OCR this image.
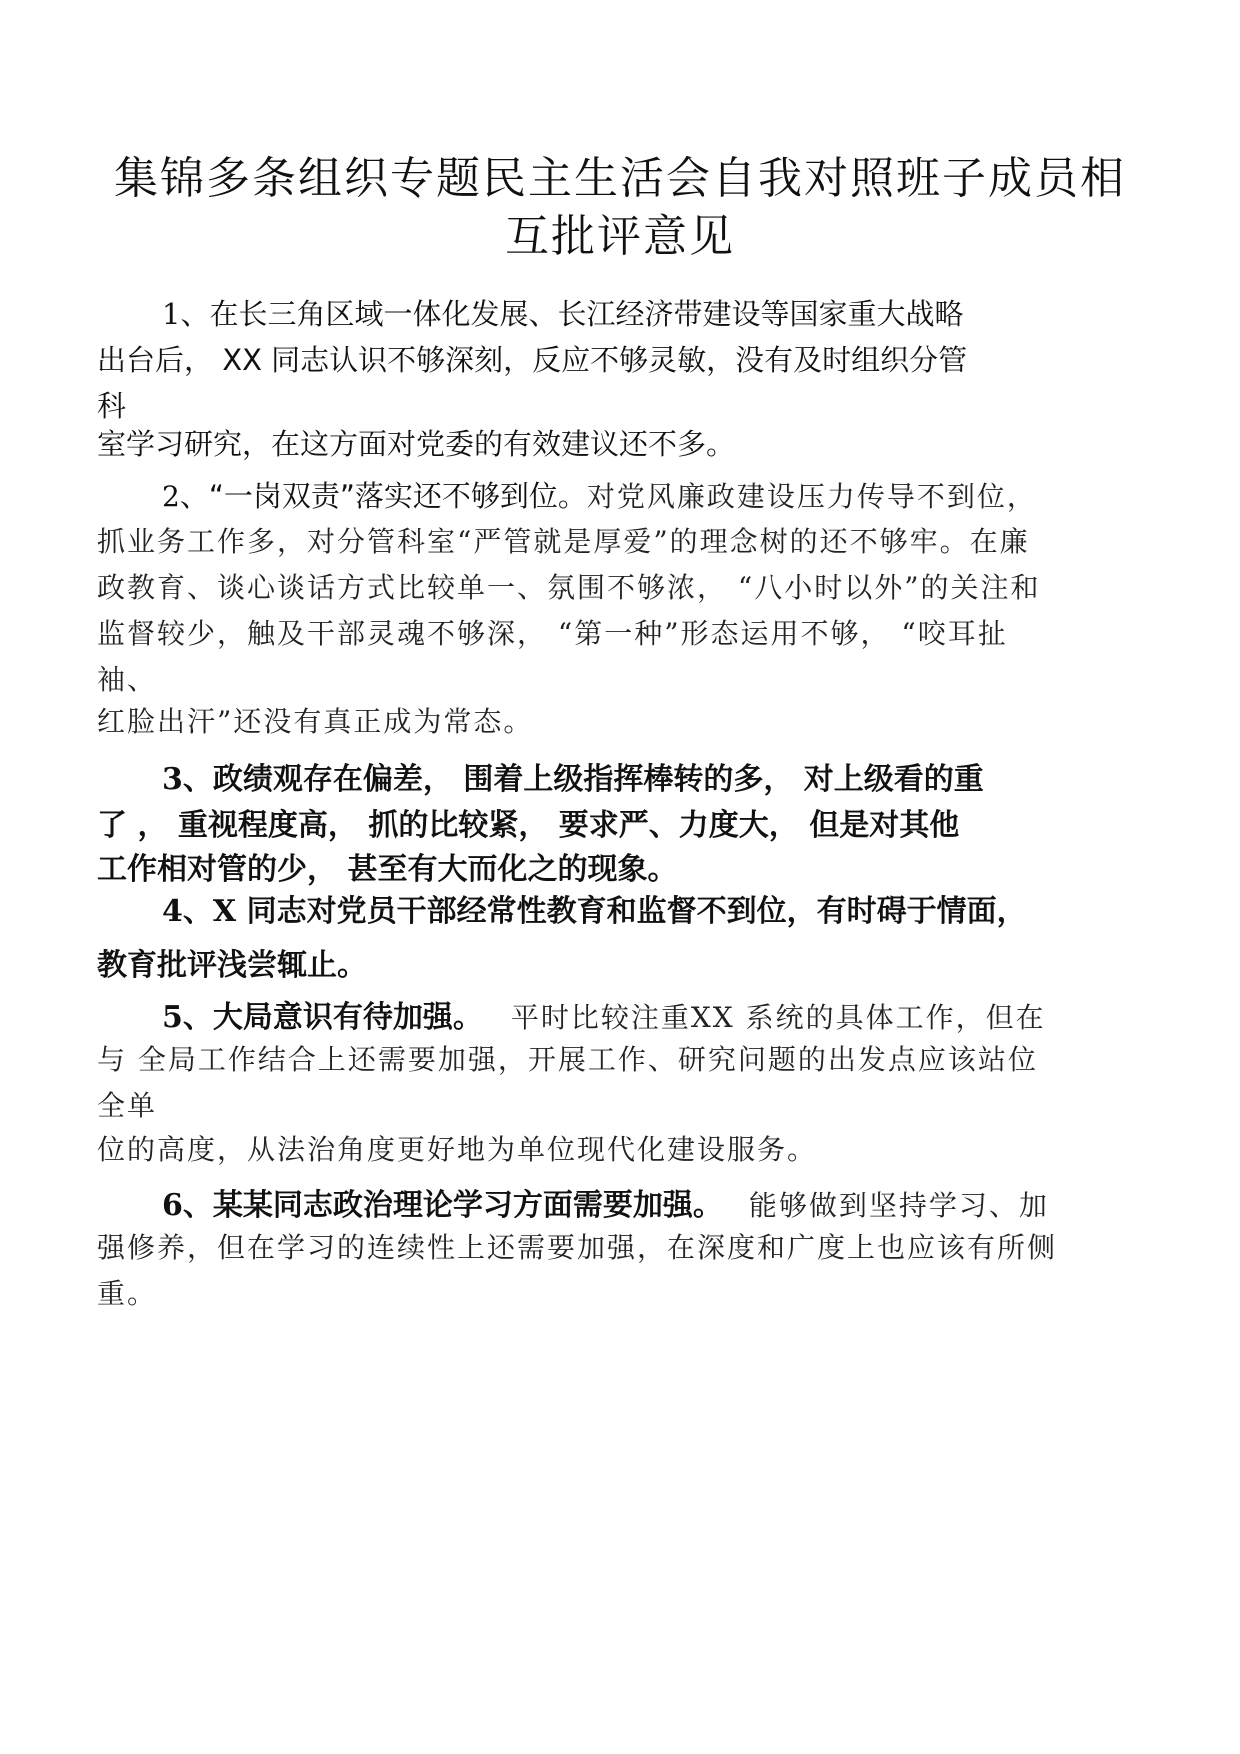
集锦多条组织专题民主生活会自我对照班子成员相
互批评意见

1、在长三角区域一体化发展、长江经济带建设等国家重大战略

出台后， XX 同志认识不够深刻，反应不够灵敏，没有及时组织分管

科

室学习研究，在这方面对党委的有效建议还不多。

2、“一岗双责”落实还不够到位。对党风廉政建设压力传导不到位，

抓业务工作多，对分管科室“严管就是厚爱”的理念树的还不够牢。在廉

政教育、谈心谈话方式比较单一、氛围不够浓， “八小时以外”的关注和

监督较少，触及干部灵魂不够深， “第一种”形态运用不够， “咬耳扯

袖、

红脸出汗”还没有真正成为常态。

3、政绩观存在偏差， 围着上级指挥棒转的多， 对上级看的重

了 ， 重视程度高， 抓的比较紧， 要求严、力度大， 但是对其他

工作相对管的少， 甚至有大而化之的现象。

4、X 同志对党员干部经常性教育和监督不到位，有时碍于情面，

教育批评浅尝辄止。

5、大局意识有待加强。 平时比较注重XX 系统的具体工作，但在

与 全局工作结合上还需要加强，开展工作、研究问题的出发点应该站位

全单

位的高度，从法治角度更好地为单位现代化建设服务。

6、某某同志政治理论学习方面需要加强。 能够做到坚持学习、加

强修养，但在学习的连续性上还需要加强，在深度和广度上也应该有所侧

重。
